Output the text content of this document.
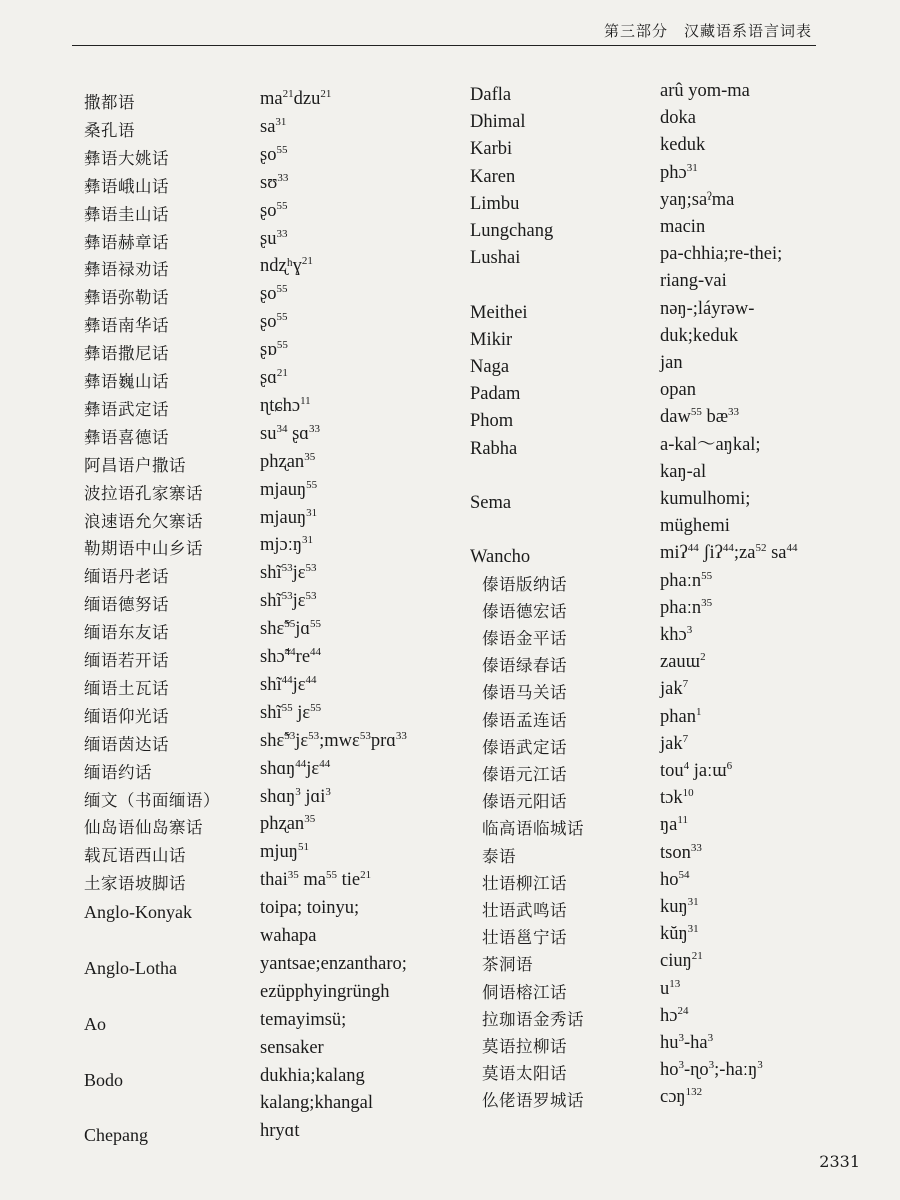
第三部分　汉藏语系语言词表
撒都语	$ma^{21}dzu^{21}$
桑孔语	$sa^{31}$
彝语大姚话	ʂo$^{55}$
彝语峨山话	sʊ$^{33}$
彝语圭山话	ʂo$^{55}$
彝语赫章话	ʂu$^{33}$
彝语禄劝话	ndʐʰɣ$^{21}$
彝语弥勒话	ʂo$^{55}$
彝语南华话	ʂo$^{55}$
彝语撒尼话	ʂɒ$^{55}$
彝语巍山话	ʂɑ$^{21}$
彝语武定话	ɳtɕhɔ$^{11}$
彝语喜德话	$su^{34}$ ʂɑ$^{33}$
阿昌语户撒话	phʐan$^{35}$
波拉语孔家寨话	mjauŋ$^{55}$
浪速语允欠寨话	mjauŋ$^{31}$
勒期语中山乡话	mjɔːŋ$^{31}$
缅语丹老话	shĩ$^{53}$jɛ$^{53}$
缅语德努话	shĩ$^{53}$jɛ$^{53}$
缅语东友话	shɛ̃$^{55}$jɑ$^{55}$
缅语若开话	$shɔ̃^{44}re^{44}$
缅语土瓦话	shĩ$^{44}$jɛ$^{44}$
缅语仰光话	shĩ$^{55}$ jɛ$^{55}$
缅语茵达话	shɛ̃$^{53}$jɛ$^{53}$;mwɛ$^{53}$prɑ$^{33}$
缅语约话	shɑŋ$^{44}$jɛ$^{44}$
缅文（书面缅语） shɑŋ$^3$ jɑi$^3$
仙岛语仙岛寨话	phʐan$^{35}$
载瓦语西山话	mjuŋ$^{51}$
土家语坡脚话	thai$^{35}$ $ma^{55}$ tie$^{21}$
Anglo-Konyak	toipa; toinyu;
wahapa
Anglo-Lotha	yantsae;enzantharo;
ezüpphyingrüngh
Ao	temayimsü;
sensaker
Bodo	dukhia;kalang
kalang;khangal
Chepang	hryɑt
Dafla	arû yom-ma
Dhimal	doka
Karbi	keduk
Karen	phɔ$^{31}$
Limbu	yaŋ;saˀma
Lungchang	macin
Lushai	pa-chhia;re-thei;
riang-vai
Meithei	nəŋ-;láyrəw-
Mikir	duk;keduk
Naga	jan
Padam	opan
Phom	daw$^{55}$ $bæ^{33}$
Rabha	a-kal～aŋkal;
kaŋ-al
Sema	kumulhomi;
müghemi
Wancho	miʔ$^{44}$ $ʃiʔ^{44};za^{52}$ $sa^{44}$
傣语版纳话	phaːn$^{55}$
傣语德宏话	phaːn$^{35}$
傣语金平话	khɔ$^3$
傣语绿春话	zauɯ$^2$
傣语马关话	jak$^7$
傣语孟连话	phan$^1$
傣语武定话	jak$^7$
傣语元江话	tou$^4$ jaːɯ$^6$
傣语元阳话	tɔk$^{10}$
临高语临城话	$ŋa^{11}$
泰语	tson$^{33}$
壮语柳江话	$ho^{54}$
壮语武鸣话	kuŋ$^{31}$
壮语邕宁话	kŭŋ$^{31}$
茶洞语	ciuŋ$^{21}$
侗语榕江话	$u^{13}$
拉珈语金秀话	hɔ$^{24}$
莫语拉柳话	$hu^3-ha^3$
莫语太阳话	$ho^3-ɳo^3;-haːŋ^3$
仫佬语罗城话	cɔŋ$^{132}$
2331
